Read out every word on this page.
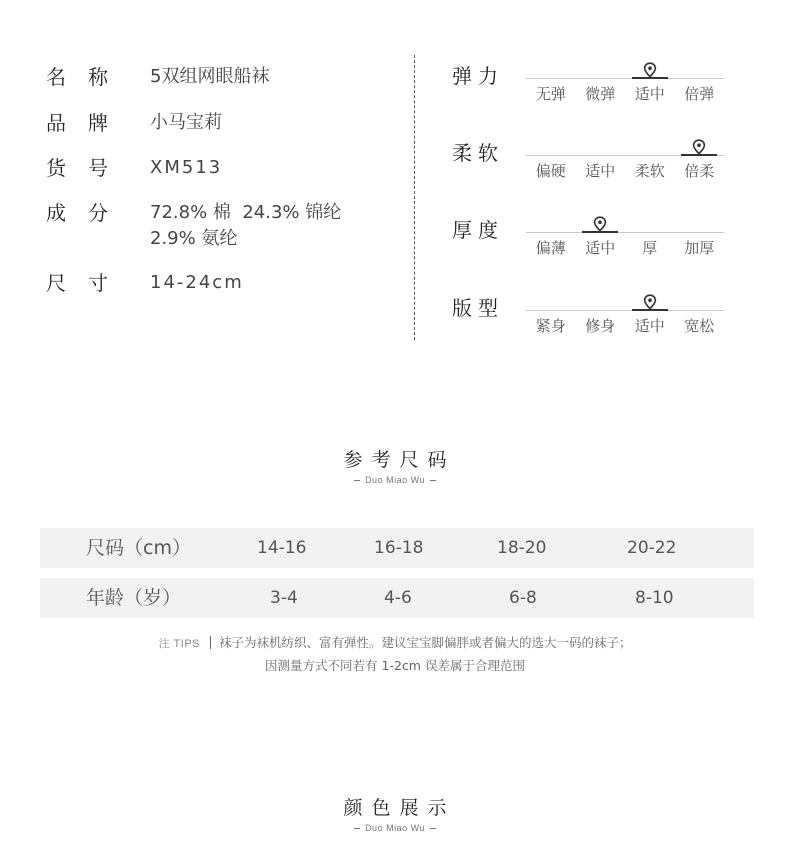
名称	5双组网眼船袜
品牌	小马宝莉
货号	XM513
成分	72.8% 棉  24.3% 锦纶
2.9% 氨纶
尺寸	14-24cm
弹力
无弹	微弹	适中	倍弹
柔软
偏硬	适中	柔软	倍柔
厚度
偏薄	适中	厚	加厚
版型
紧身	修身	适中	宽松
参考尺码
Duo Miao Wu
尺码（cm）	14-16	16-18	18-20	20-22
年龄（岁）	3-4	4-6	6-8	8-10
注 TIPS 袜子为袜机纺织、富有弹性。建议宝宝脚偏胖或者偏大的选大一码的袜子；
因测量方式不同若有 1-2cm 误差属于合理范围
颜色展示
Duo Miao Wu
